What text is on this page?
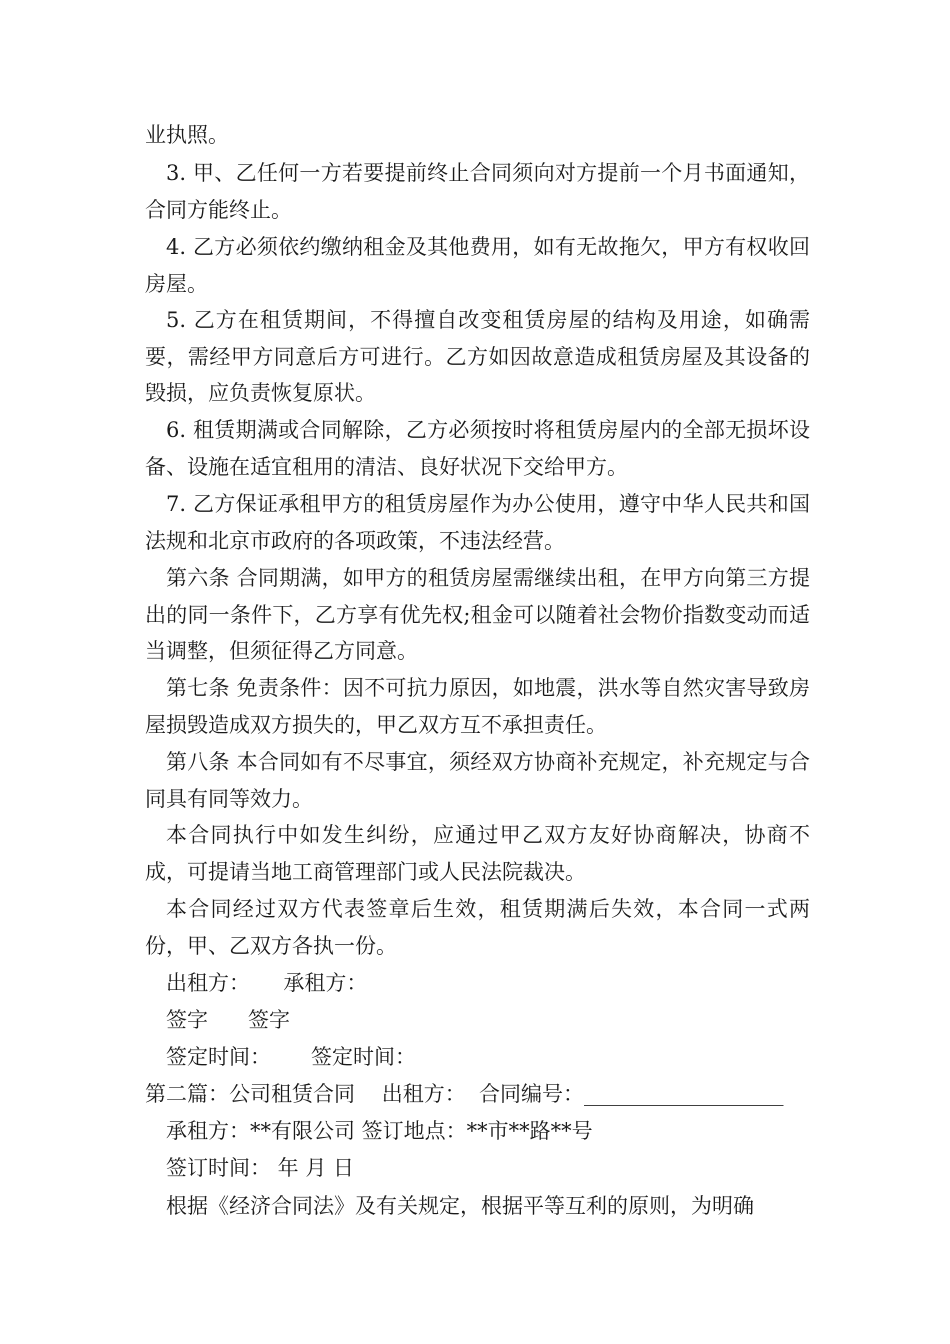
业执照。

3. 甲、乙任何一方若要提前终止合同须向对方提前一个月书面通知，合同方能终止。

4. 乙方必须依约缴纳租金及其他费用，如有无故拖欠，甲方有权收回房屋。

5. 乙方在租赁期间，不得擅自改变租赁房屋的结构及用途，如确需要，需经甲方同意后方可进行。乙方如因故意造成租赁房屋及其设备的毁损，应负责恢复原状。

6. 租赁期满或合同解除，乙方必须按时将租赁房屋内的全部无损坏设备、设施在适宜租用的清洁、良好状况下交给甲方。

7. 乙方保证承租甲方的租赁房屋作为办公使用，遵守中华人民共和国法规和北京市政府的各项政策，不违法经营。

第六条 合同期满，如甲方的租赁房屋需继续出租，在甲方向第三方提出的同一条件下，乙方享有优先权;租金可以随着社会物价指数变动而适当调整，但须征得乙方同意。

第七条 免责条件：因不可抗力原因，如地震，洪水等自然灾害导致房屋损毁造成双方损失的，甲乙双方互不承担责任。

第八条 本合同如有不尽事宜，须经双方协商补充规定，补充规定与合同具有同等效力。

本合同执行中如发生纠纷，应通过甲乙双方友好协商解决，协商不成，可提请当地工商管理部门或人民法院裁决。

本合同经过双方代表签章后生效，租赁期满后失效，本合同一式两份，甲、乙双方各执一份。

出租方：     承租方：

签字      签字

签定时间：      签定时间：

第二篇：公司租赁合同    出租方：  合同编号：___________________

承租方：**有限公司 签订地点：**市**路**号

签订时间： 年 月 日

根据《经济合同法》及有关规定，根据平等互利的原则，为明确
